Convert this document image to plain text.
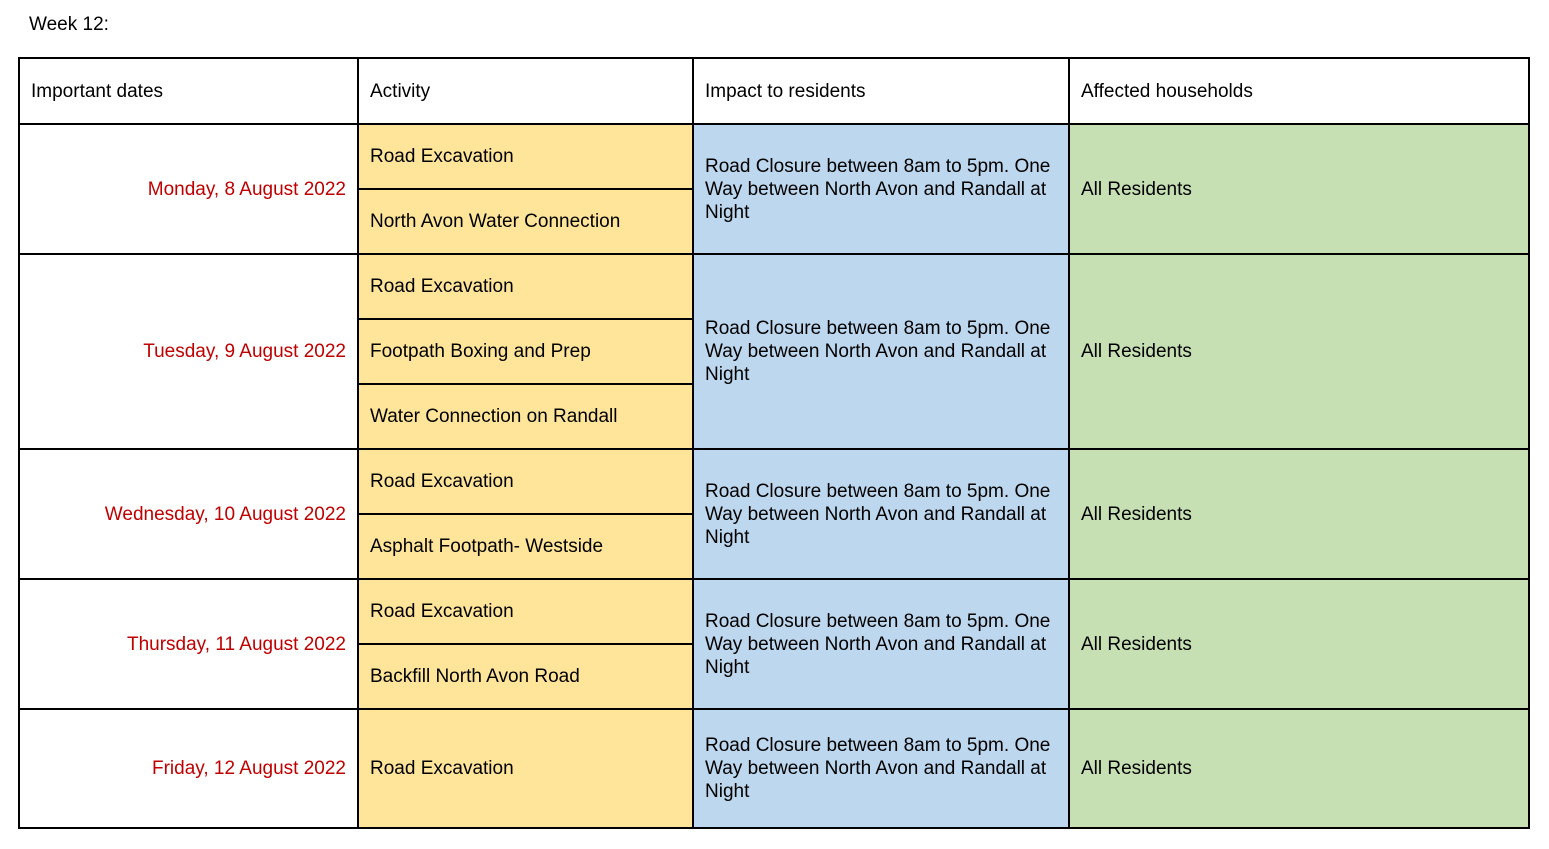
Week 12:
Important dates	Activity	Impact to residents	Affected households
Monday, 8 August 2022	Road Excavation	Road Closure between 8am to 5pm. One Way between North Avon and Randall at Night	All Residents
	North Avon Water Connection		
Tuesday, 9 August 2022	Road Excavation	Road Closure between 8am to 5pm. One Way between North Avon and Randall at Night	All Residents
	Footpath Boxing and Prep		
	Water Connection on Randall		
Wednesday, 10 August 2022	Road Excavation	Road Closure between 8am to 5pm. One Way between North Avon and Randall at Night	All Residents
	Asphalt Footpath- Westside		
Thursday, 11 August 2022	Road Excavation	Road Closure between 8am to 5pm. One Way between North Avon and Randall at Night	All Residents
	Backfill North Avon Road		
Friday, 12 August 2022	Road Excavation	Road Closure between 8am to 5pm. One Way between North Avon and Randall at Night	All Residents
